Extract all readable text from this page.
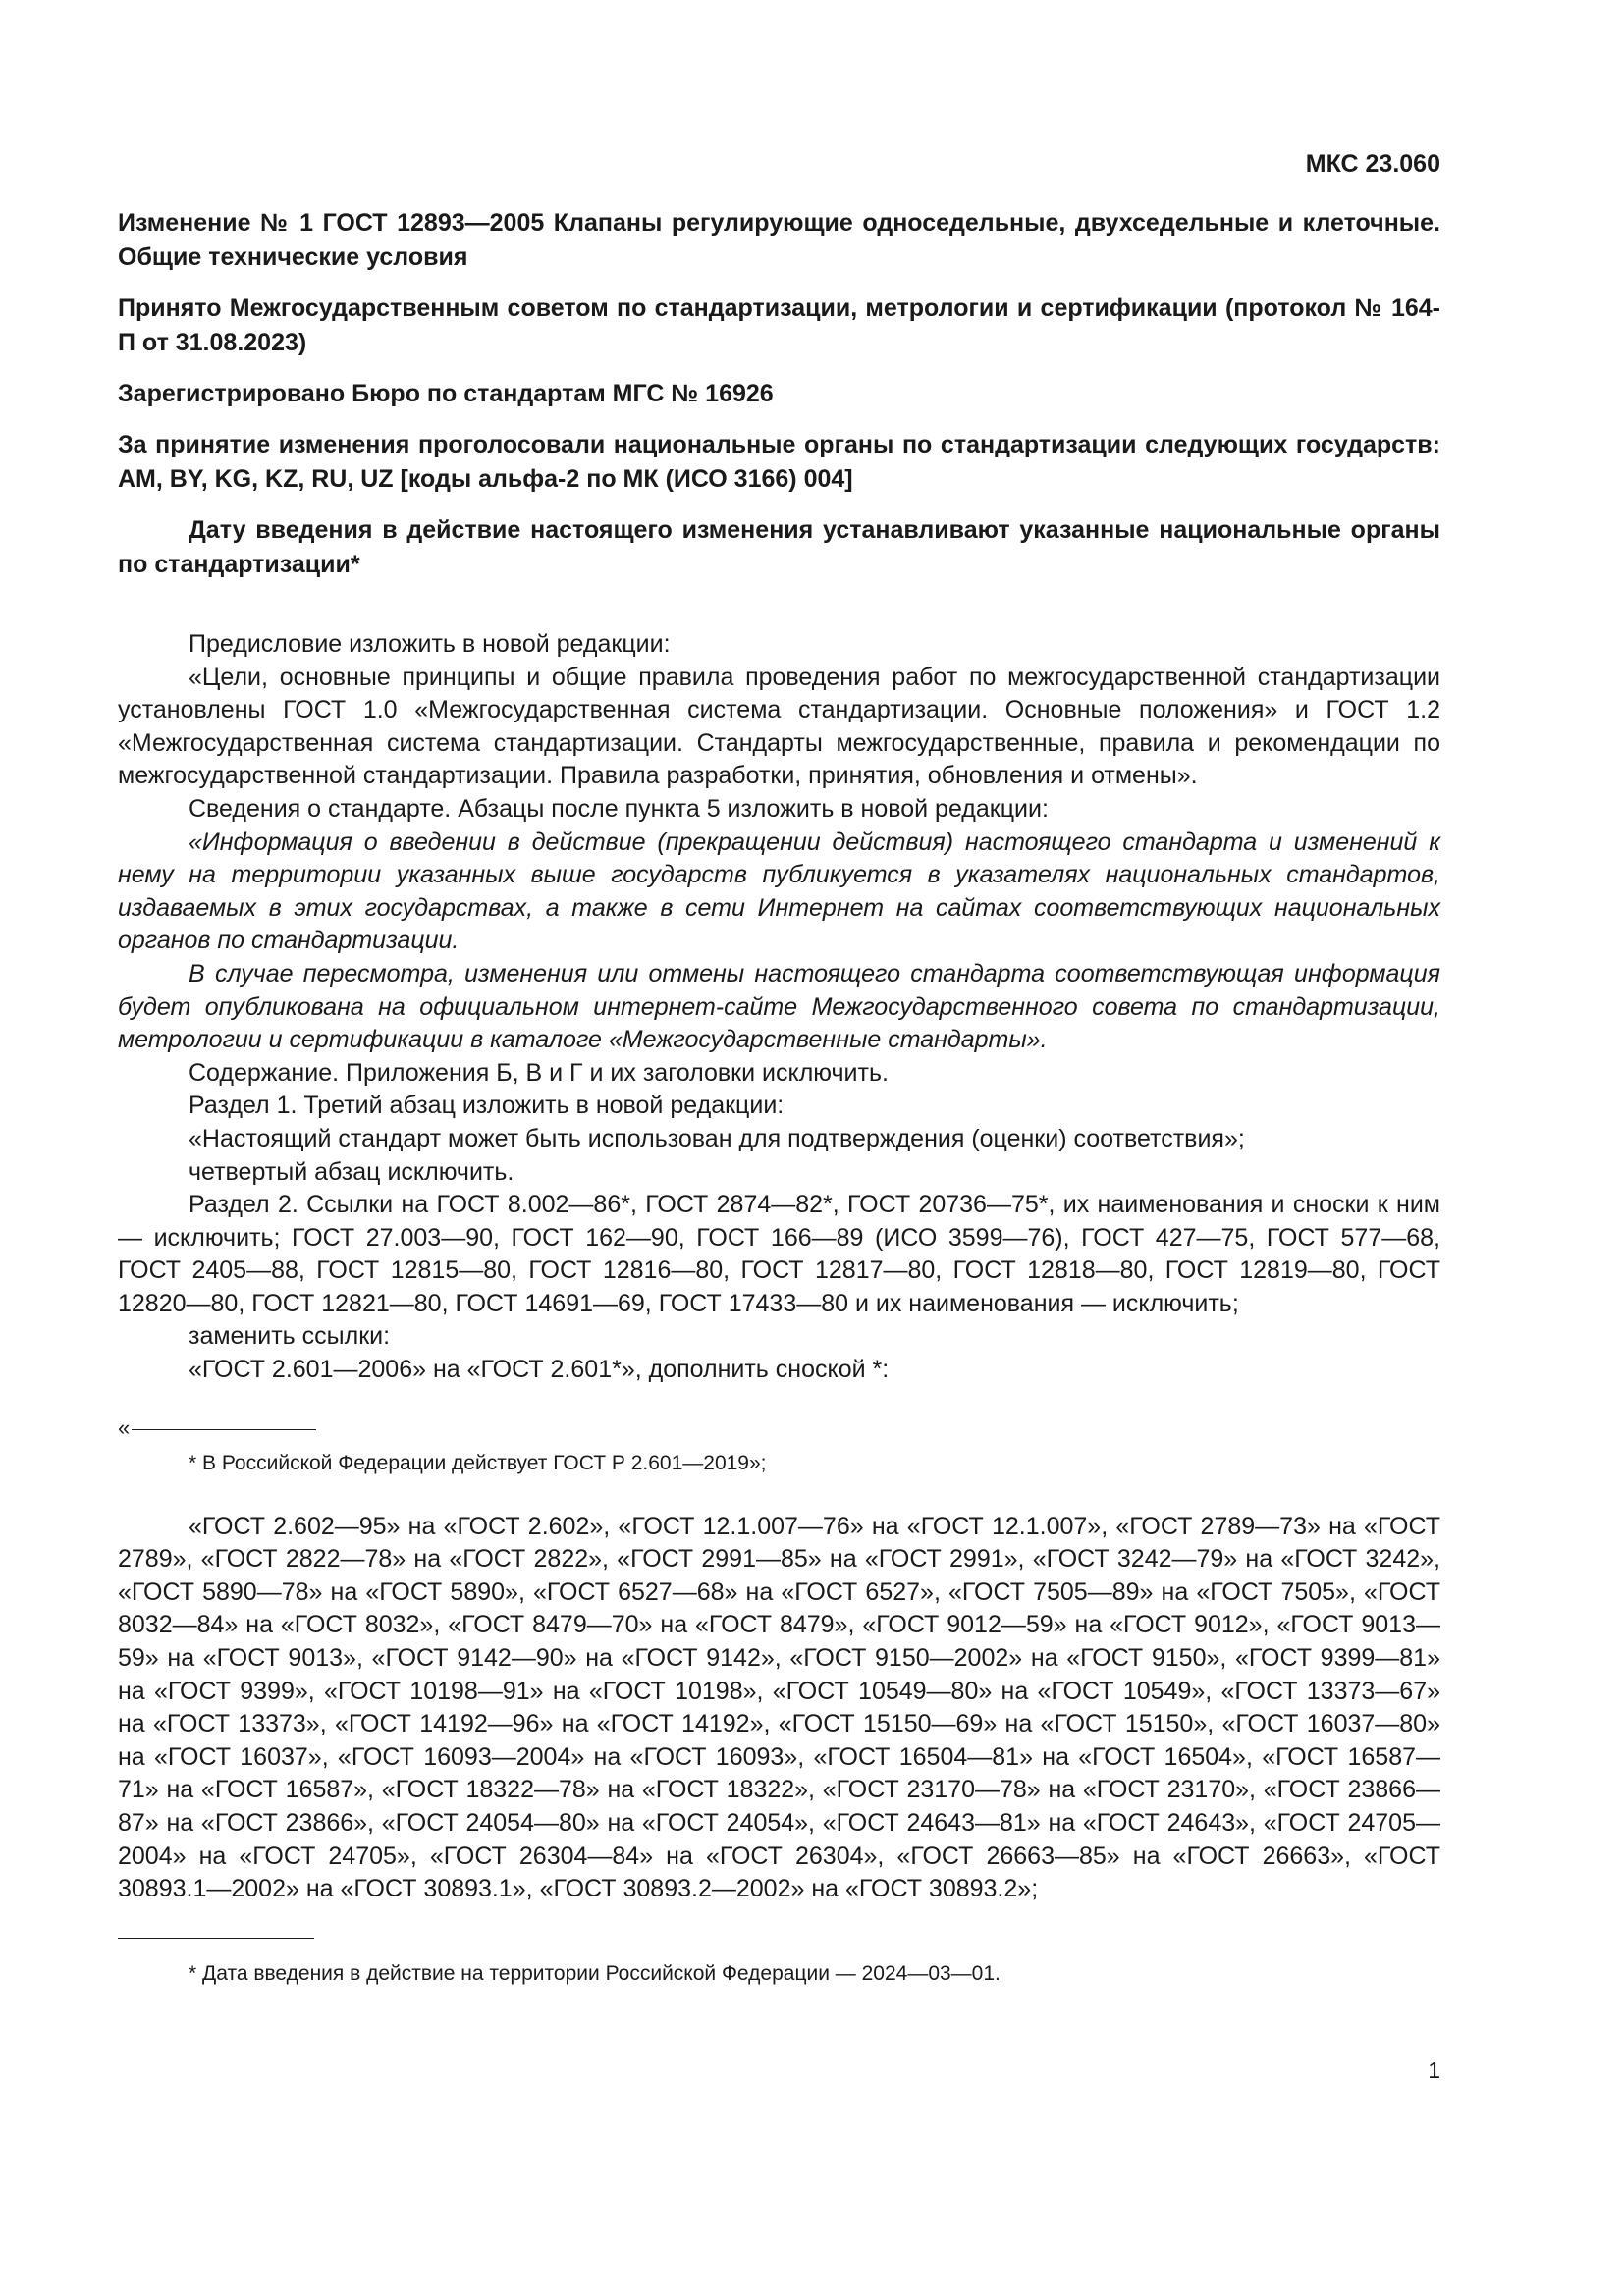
МКС 23.060

Изменение № 1 ГОСТ 12893—2005 Клапаны регулирующие односедельные, двухседельные и клеточные. Общие технические условия

Принято Межгосударственным советом по стандартизации, метрологии и сертификации (протокол № 164-П от 31.08.2023)

Зарегистрировано Бюро по стандартам МГС № 16926

За принятие изменения проголосовали национальные органы по стандартизации следующих государств: AM, BY, KG, KZ, RU, UZ [коды альфа-2 по МК (ИСО 3166) 004]

Дату введения в действие настоящего изменения устанавливают указанные национальные органы по стандартизации*

Предисловие изложить в новой редакции:

«Цели, основные принципы и общие правила проведения работ по межгосударственной стандартизации установлены ГОСТ 1.0 «Межгосударственная система стандартизации. Основные положения» и ГОСТ 1.2 «Межгосударственная система стандартизации. Стандарты межгосударственные, правила и рекомендации по межгосударственной стандартизации. Правила разработки, принятия, обновления и отмены».

Сведения о стандарте. Абзацы после пункта 5 изложить в новой редакции:

«Информация о введении в действие (прекращении действия) настоящего стандарта и изменений к нему на территории указанных выше государств публикуется в указателях национальных стандартов, издаваемых в этих государствах, а также в сети Интернет на сайтах соответствующих национальных органов по стандартизации.

В случае пересмотра, изменения или отмены настоящего стандарта соответствующая информация будет опубликована на официальном интернет-сайте Межгосударственного совета по стандартизации, метрологии и сертификации в каталоге «Межгосударственные стандарты».

Содержание. Приложения Б, В и Г и их заголовки исключить.

Раздел 1. Третий абзац изложить в новой редакции:

«Настоящий стандарт может быть использован для подтверждения (оценки) соответствия»;

четвертый абзац исключить.

Раздел 2. Ссылки на ГОСТ 8.002—86*, ГОСТ 2874—82*, ГОСТ 20736—75*, их наименования и сноски к ним — исключить; ГОСТ 27.003—90, ГОСТ 162—90, ГОСТ 166—89 (ИСО 3599—76), ГОСТ 427—75, ГОСТ 577—68, ГОСТ 2405—88, ГОСТ 12815—80, ГОСТ 12816—80, ГОСТ 12817—80, ГОСТ 12818—80, ГОСТ 12819—80, ГОСТ 12820—80, ГОСТ 12821—80, ГОСТ 14691—69, ГОСТ 17433—80 и их наименования — исключить;

заменить ссылки:

«ГОСТ 2.601—2006» на «ГОСТ 2.601*», дополнить сноской *:

«

* В Российской Федерации действует ГОСТ Р 2.601—2019»;

«ГОСТ 2.602—95» на «ГОСТ 2.602», «ГОСТ 12.1.007—76» на «ГОСТ 12.1.007», «ГОСТ 2789—73» на «ГОСТ 2789», «ГОСТ 2822—78» на «ГОСТ 2822», «ГОСТ 2991—85» на «ГОСТ 2991», «ГОСТ 3242—79» на «ГОСТ 3242», «ГОСТ 5890—78» на «ГОСТ 5890», «ГОСТ 6527—68» на «ГОСТ 6527», «ГОСТ 7505—89» на «ГОСТ 7505», «ГОСТ 8032—84» на «ГОСТ 8032», «ГОСТ 8479—70» на «ГОСТ 8479», «ГОСТ 9012—59» на «ГОСТ 9012», «ГОСТ 9013—59» на «ГОСТ 9013», «ГОСТ 9142—90» на «ГОСТ 9142», «ГОСТ 9150—2002» на «ГОСТ 9150», «ГОСТ 9399—81» на «ГОСТ 9399», «ГОСТ 10198—91» на «ГОСТ 10198», «ГОСТ 10549—80» на «ГОСТ 10549», «ГОСТ 13373—67» на «ГОСТ 13373», «ГОСТ 14192—96» на «ГОСТ 14192», «ГОСТ 15150—69» на «ГОСТ 15150», «ГОСТ 16037—80» на «ГОСТ 16037», «ГОСТ 16093—2004» на «ГОСТ 16093», «ГОСТ 16504—81» на «ГОСТ 16504», «ГОСТ 16587—71» на «ГОСТ 16587», «ГОСТ 18322—78» на «ГОСТ 18322», «ГОСТ 23170—78» на «ГОСТ 23170», «ГОСТ 23866—87» на «ГОСТ 23866», «ГОСТ 24054—80» на «ГОСТ 24054», «ГОСТ 24643—81» на «ГОСТ 24643», «ГОСТ 24705—2004» на «ГОСТ 24705», «ГОСТ 26304—84» на «ГОСТ 26304», «ГОСТ 26663—85» на «ГОСТ 26663», «ГОСТ 30893.1—2002» на «ГОСТ 30893.1», «ГОСТ 30893.2—2002» на «ГОСТ 30893.2»;

* Дата введения в действие на территории Российской Федерации — 2024—03—01.

1
